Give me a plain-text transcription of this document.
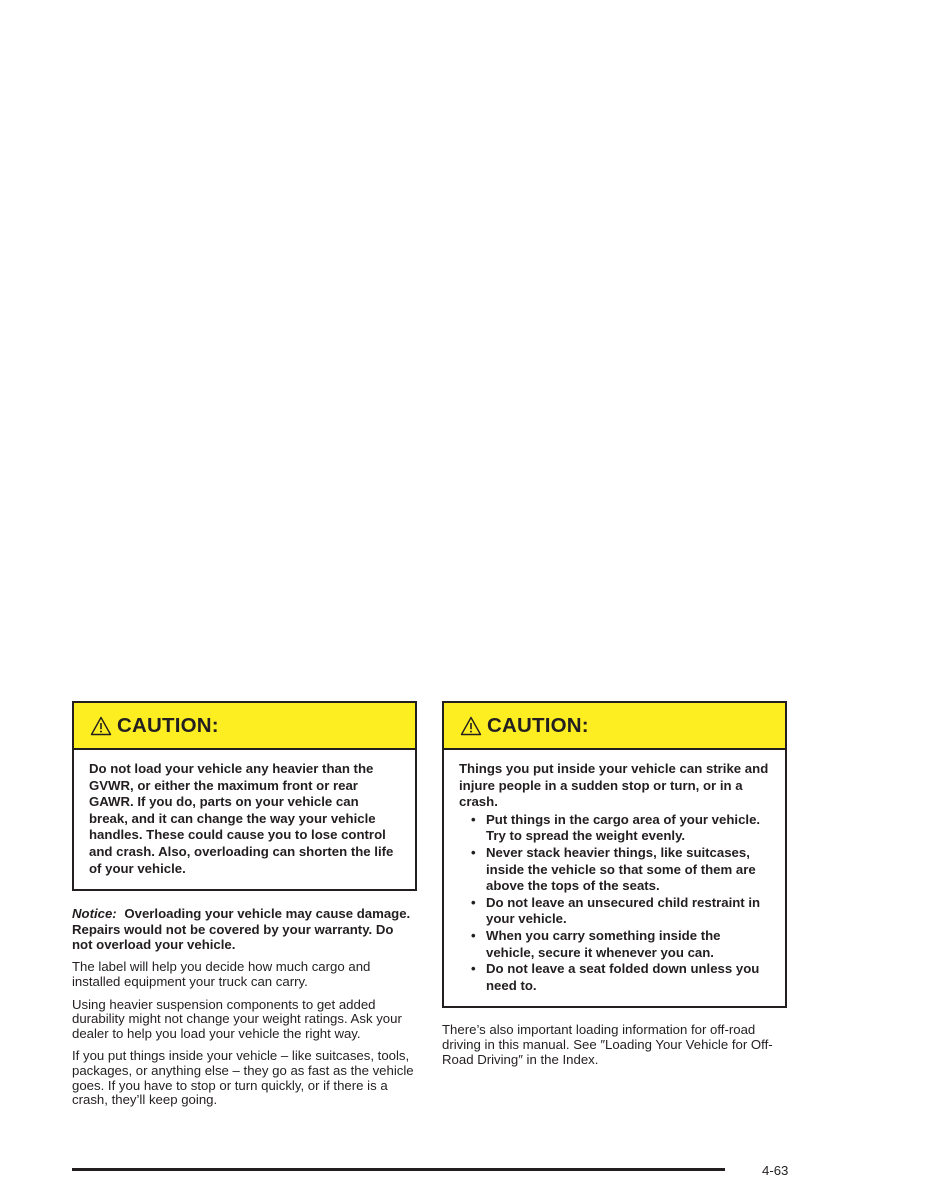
CAUTION:

Do not load your vehicle any heavier than the GVWR, or either the maximum front or rear GAWR. If you do, parts on your vehicle can break, and it can change the way your vehicle handles. These could cause you to lose control and crash. Also, overloading can shorten the life of your vehicle.

Notice: Overloading your vehicle may cause damage. Repairs would not be covered by your warranty. Do not overload your vehicle.

The label will help you decide how much cargo and installed equipment your truck can carry.

Using heavier suspension components to get added durability might not change your weight ratings. Ask your dealer to help you load your vehicle the right way.

If you put things inside your vehicle – like suitcases, tools, packages, or anything else – they go as fast as the vehicle goes. If you have to stop or turn quickly, or if there is a crash, they’ll keep going.

CAUTION:

Things you put inside your vehicle can strike and injure people in a sudden stop or turn, or in a crash.

• Put things in the cargo area of your vehicle. Try to spread the weight evenly.
• Never stack heavier things, like suitcases, inside the vehicle so that some of them are above the tops of the seats.
• Do not leave an unsecured child restraint in your vehicle.
• When you carry something inside the vehicle, secure it whenever you can.
• Do not leave a seat folded down unless you need to.

There’s also important loading information for off-road driving in this manual. See ″Loading Your Vehicle for Off-Road Driving″ in the Index.

4-63
